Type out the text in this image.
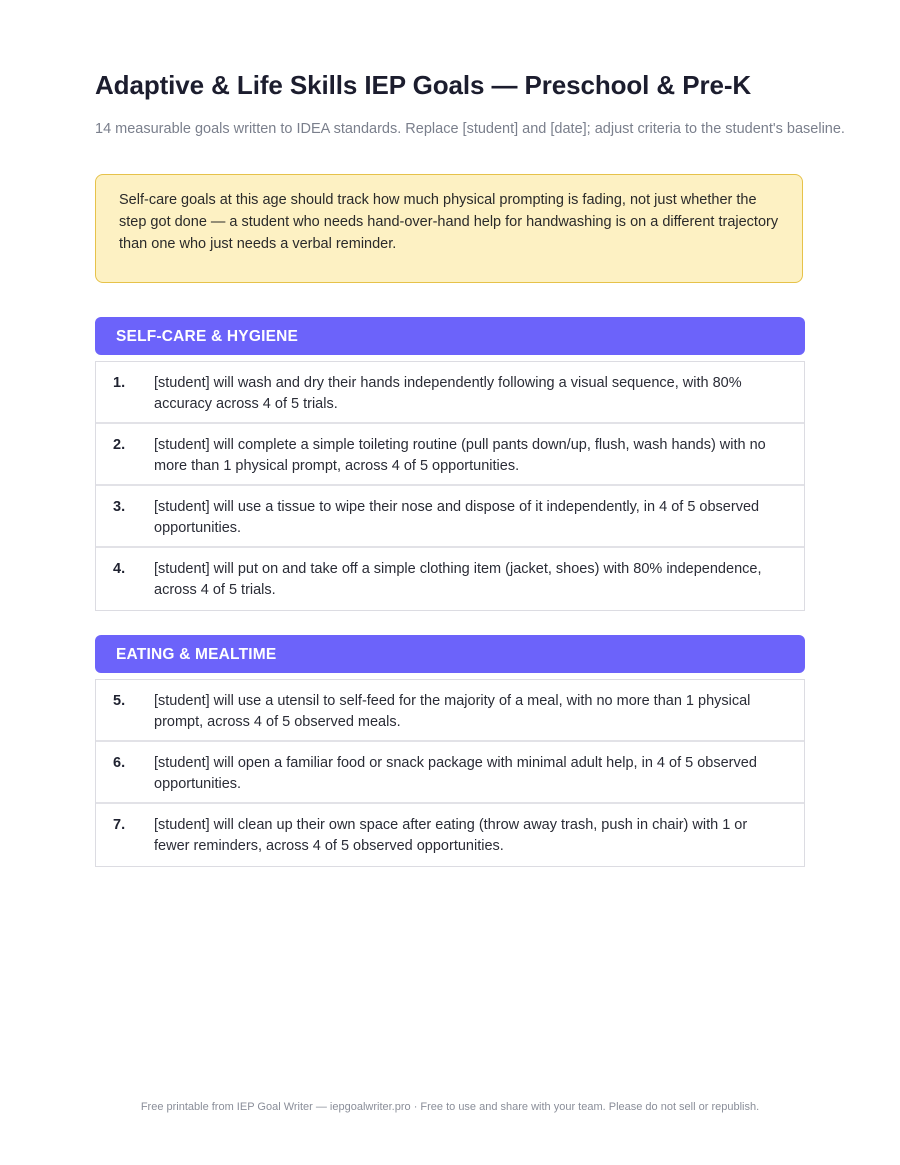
Adaptive & Life Skills IEP Goals — Preschool & Pre-K

14 measurable goals written to IDEA standards. Replace [student] and [date]; adjust criteria to the student's baseline.

Self-care goals at this age should track how much physical prompting is fading, not just whether the step got done — a student who needs hand-over-hand help for handwashing is on a different trajectory than one who just needs a verbal reminder.
SELF-CARE & HYGIENE
1. [student] will wash and dry their hands independently following a visual sequence, with 80% accuracy across 4 of 5 trials.
2. [student] will complete a simple toileting routine (pull pants down/up, flush, wash hands) with no more than 1 physical prompt, across 4 of 5 opportunities.
3. [student] will use a tissue to wipe their nose and dispose of it independently, in 4 of 5 observed opportunities.
4. [student] will put on and take off a simple clothing item (jacket, shoes) with 80% independence, across 4 of 5 trials.
EATING & MEALTIME
5. [student] will use a utensil to self-feed for the majority of a meal, with no more than 1 physical prompt, across 4 of 5 observed meals.
6. [student] will open a familiar food or snack package with minimal adult help, in 4 of 5 observed opportunities.
7. [student] will clean up their own space after eating (throw away trash, push in chair) with 1 or fewer reminders, across 4 of 5 observed opportunities.
Free printable from IEP Goal Writer — iepgoalwriter.pro · Free to use and share with your team. Please do not sell or republish.
